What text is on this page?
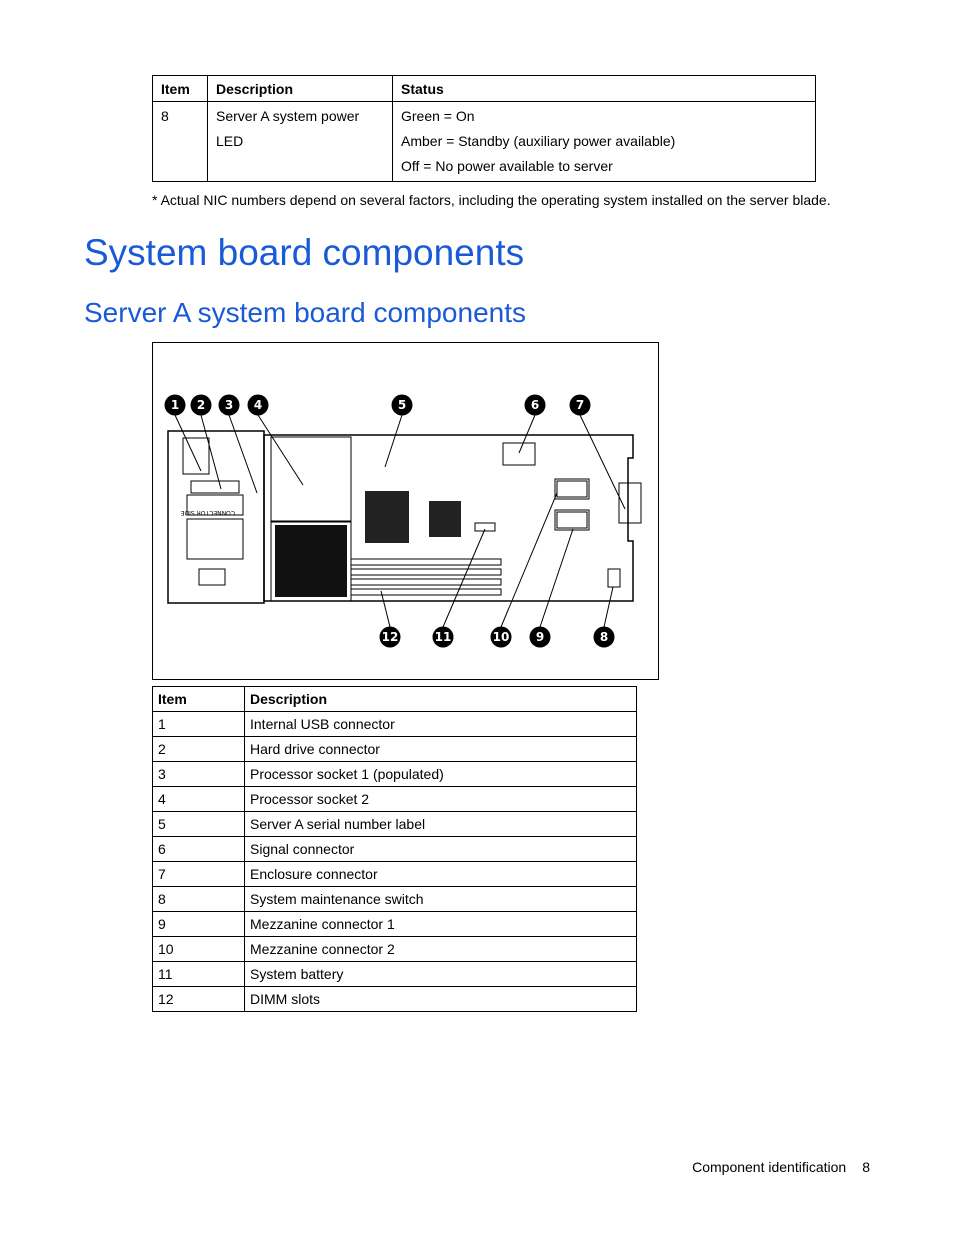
Item	Description	Status

8	Server A system power LED	Green = On
Amber = Standby (auxiliary power available)
Off = No power available to server
* Actual NIC numbers depend on several factors, including the operating system installed on the server blade.
System board components
Server A system board components
CONNECTOR SIDE
1 2 3 4	5	6	7
12	11	10 9	8
Item	Description
1	Internal USB connector
2	Hard drive connector
3	Processor socket 1 (populated)
4	Processor socket 2
5	Server A serial number label
6	Signal connector
7	Enclosure connector
8	System maintenance switch
9	Mezzanine connector 1
10	Mezzanine connector 2
11	System battery
12	DIMM slots
Component identification 8
